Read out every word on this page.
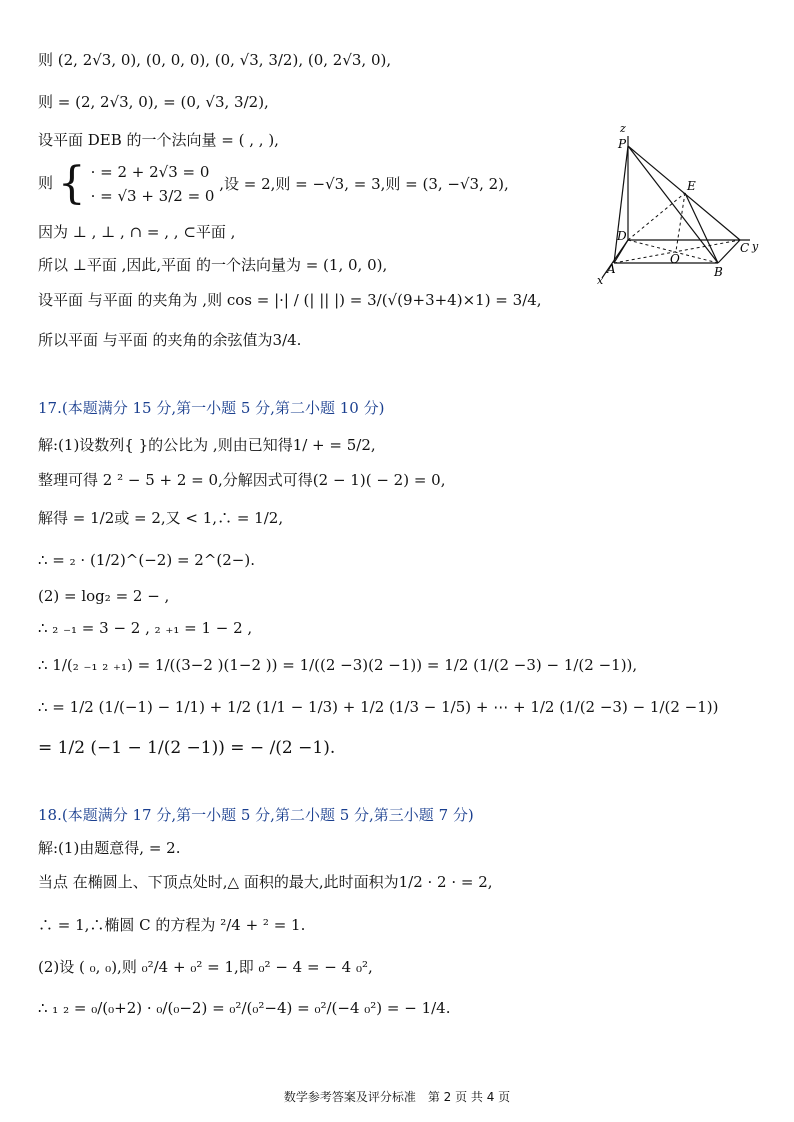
则 (2, 2√3, 0), (0, 0, 0), (0, √3, 3/2), (0, 2√3, 0),
则 = (2, 2√3, 0), = (0, √3, 3/2),
设平面 DEB 的一个法向量 = ( , , ),
则 { · = 2 + 2√3 = 0
· = √3 + 3/2 = 0
,设 = 2,则 = −√3, = 3,则 = (3, −√3, 2),
因为 ⊥ , ⊥ , ∩ = , , ⊂平面 ,
所以 ⊥平面 ,因此,平面 的一个法向量为 = (1, 0, 0),
设平面 与平面 的夹角为 ,则 cos = |·| / (| || |) = 3/(√(9+3+4)×1) = 3/4,
所以平面 与平面 的夹角的余弦值为3/4.
17.(本题满分 15 分,第一小题 5 分,第二小题 10 分)
解:(1)设数列{ }的公比为 ,则由已知得1/ + = 5/2,
整理可得 2 ² − 5 + 2 = 0,分解因式可得(2 − 1)( − 2) = 0,
解得 = 1/2或 = 2,又 < 1,∴ = 1/2,
∴ = ₂ · (1/2)^(−2) = 2^(2−).
(2) = log₂ = 2 − ,
∴ ₂ ₋₁ = 3 − 2 , ₂ ₊₁ = 1 − 2 ,
∴ 1/(₂ ₋₁ ₂ ₊₁) = 1/((3−2 )(1−2 )) = 1/((2 −3)(2 −1)) = 1/2 (1/(2 −3) − 1/(2 −1)),
∴ = 1/2 (1/(−1) − 1/1) + 1/2 (1/1 − 1/3) + 1/2 (1/3 − 1/5) + ⋯ + 1/2 (1/(2 −3) − 1/(2 −1))
= 1/2 (−1 − 1/(2 −1)) = − /(2 −1).
18.(本题满分 17 分,第一小题 5 分,第二小题 5 分,第三小题 7 分)
解:(1)由题意得, = 2.
当点 在椭圆上、下顶点处时,△ 面积的最大,此时面积为1/2 · 2 · = 2,
∴ = 1,∴椭圆 C 的方程为 ²/4 + ² = 1.
(2)设 ( ₀, ₀),则 ₀²/4 + ₀² = 1,即 ₀² − 4 = − 4 ₀²,
∴ ₁ ₂ = ₀/(₀+2) · ₀/(₀−2) = ₀²/(₀²−4) = ₀²/(−4 ₀²) = − 1/4.
z
P
E
D
C y
A
O
B
x
数学参考答案及评分标准　第 2 页 共 4 页
